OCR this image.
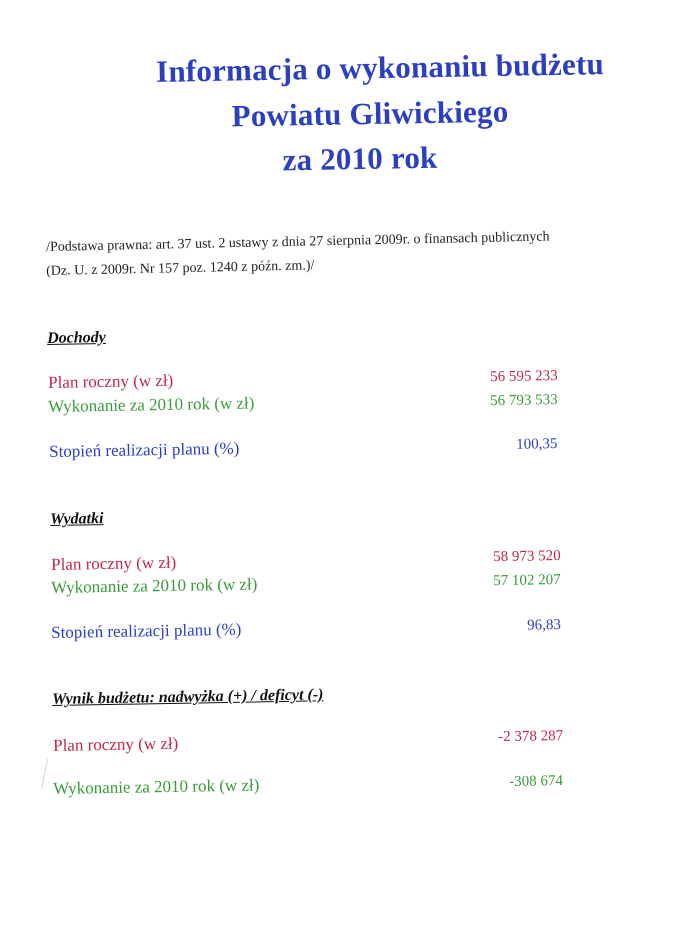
Informacja o wykonaniu budżetu
Powiatu Gliwickiego
za 2010 rok
/Podstawa prawna: art. 37 ust. 2 ustawy z dnia 27 sierpnia 2009r. o finansach publicznych
(Dz. U. z 2009r. Nr 157 poz. 1240 z późn. zm.)/
Dochody
Plan roczny (w zł)	56 595 233
Wykonanie za 2010 rok (w zł)	56 793 533
Stopień realizacji planu (%)	100,35
Wydatki
Plan roczny (w zł)	58 973 520
Wykonanie za 2010 rok (w zł)	57 102 207
Stopień realizacji planu (%)	96,83
Wynik budżetu: nadwyżka (+) / deficyt (-)
Plan roczny (w zł)	-2 378 287
Wykonanie za 2010 rok (w zł)	-308 674
